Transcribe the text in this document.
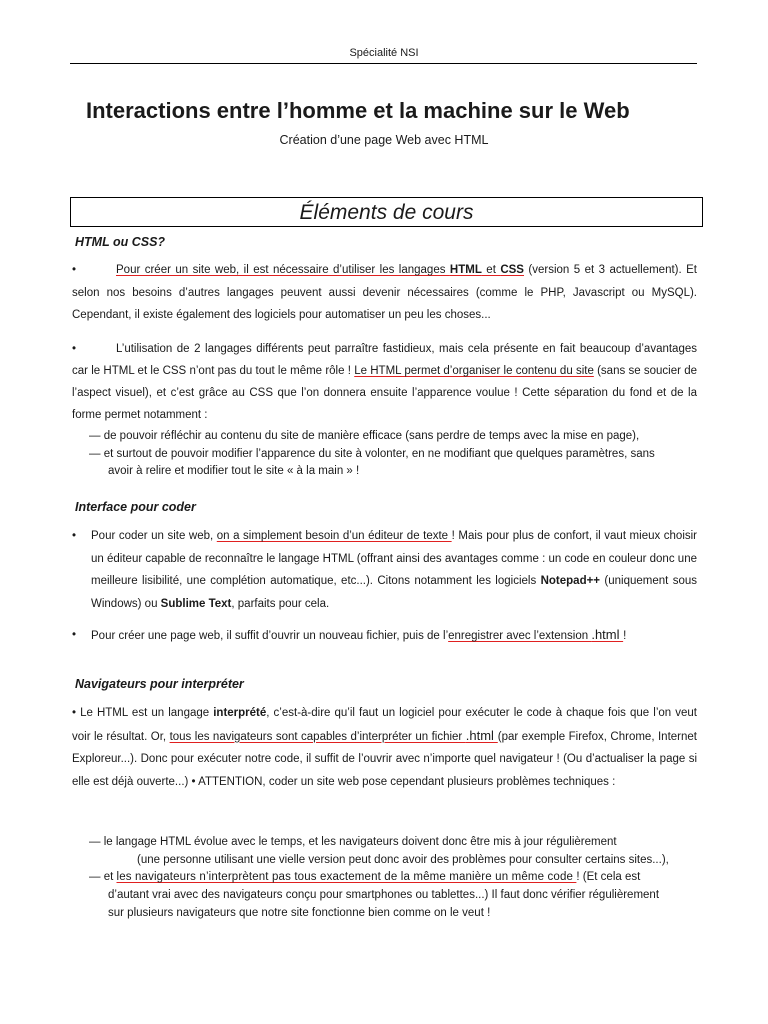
Spécialité NSI
Interactions entre l’homme et la machine sur le Web
Création d’une page Web avec HTML
Éléments de cours
HTML ou CSS?
•	Pour créer un site web, il est nécessaire d’utiliser les langages HTML et CSS (version 5 et 3 actuellement). Et selon nos besoins d’autres langages peuvent aussi devenir nécessaires (comme le PHP, Javascript ou MySQL). Cependant, il existe également des logiciels pour automatiser un peu les choses...
•	L’utilisation de 2 langages différents peut parraître fastidieux, mais cela présente en fait beaucoup d’avantages car le HTML et le CSS n’ont pas du tout le même rôle ! Le HTML permet d’organiser le contenu du site (sans se soucier de l’aspect visuel), et c’est grâce au CSS que l’on donnera ensuite l’apparence voulue ! Cette séparation du fond et de la forme permet notamment :
— de pouvoir réfléchir au contenu du site de manière efficace (sans perdre de temps avec la mise en page),
— et surtout de pouvoir modifier l’apparence du site à volonter, en ne modifiant que quelques paramètres, sans
avoir à relire et modifier tout le site « à la main » !
Interface pour coder
• Pour coder un site web, on a simplement besoin d’un éditeur de texte ! Mais pour plus de confort, il vaut mieux choisir un éditeur capable de reconnaître le langage HTML (offrant ainsi des avantages comme : un code en couleur donc une meilleure lisibilité, une complétion automatique, etc...). Citons notamment les logiciels Notepad++ (uniquement sous Windows) ou Sublime Text, parfaits pour cela.
• Pour créer une page web, il suffit d’ouvrir un nouveau fichier, puis de l’enregistrer avec l’extension .html !
Navigateurs pour interpréter
• Le HTML est un langage interprété, c’est-à-dire qu’il faut un logiciel pour exécuter le code à chaque fois que l’on veut voir le résultat. Or, tous les navigateurs sont capables d’interpréter un fichier .html (par exemple Firefox, Chrome, Internet Exploreur...). Donc pour exécuter notre code, il suffit de l’ouvrir avec n’importe quel navigateur ! (Ou d’actualiser la page si elle est déjà ouverte...) • ATTENTION, coder un site web pose cependant plusieurs problèmes techniques :
— le langage HTML évolue avec le temps, et les navigateurs doivent donc être mis à jour régulièrement
(une personne utilisant une vielle version peut donc avoir des problèmes pour consulter certains sites...),
— et les navigateurs n’interprètent pas tous exactement de la même manière un même code ! (Et cela est
d’autant vrai avec des navigateurs conçu pour smartphones ou tablettes...) Il faut donc vérifier régulièrement
sur plusieurs navigateurs que notre site fonctionne bien comme on le veut !
